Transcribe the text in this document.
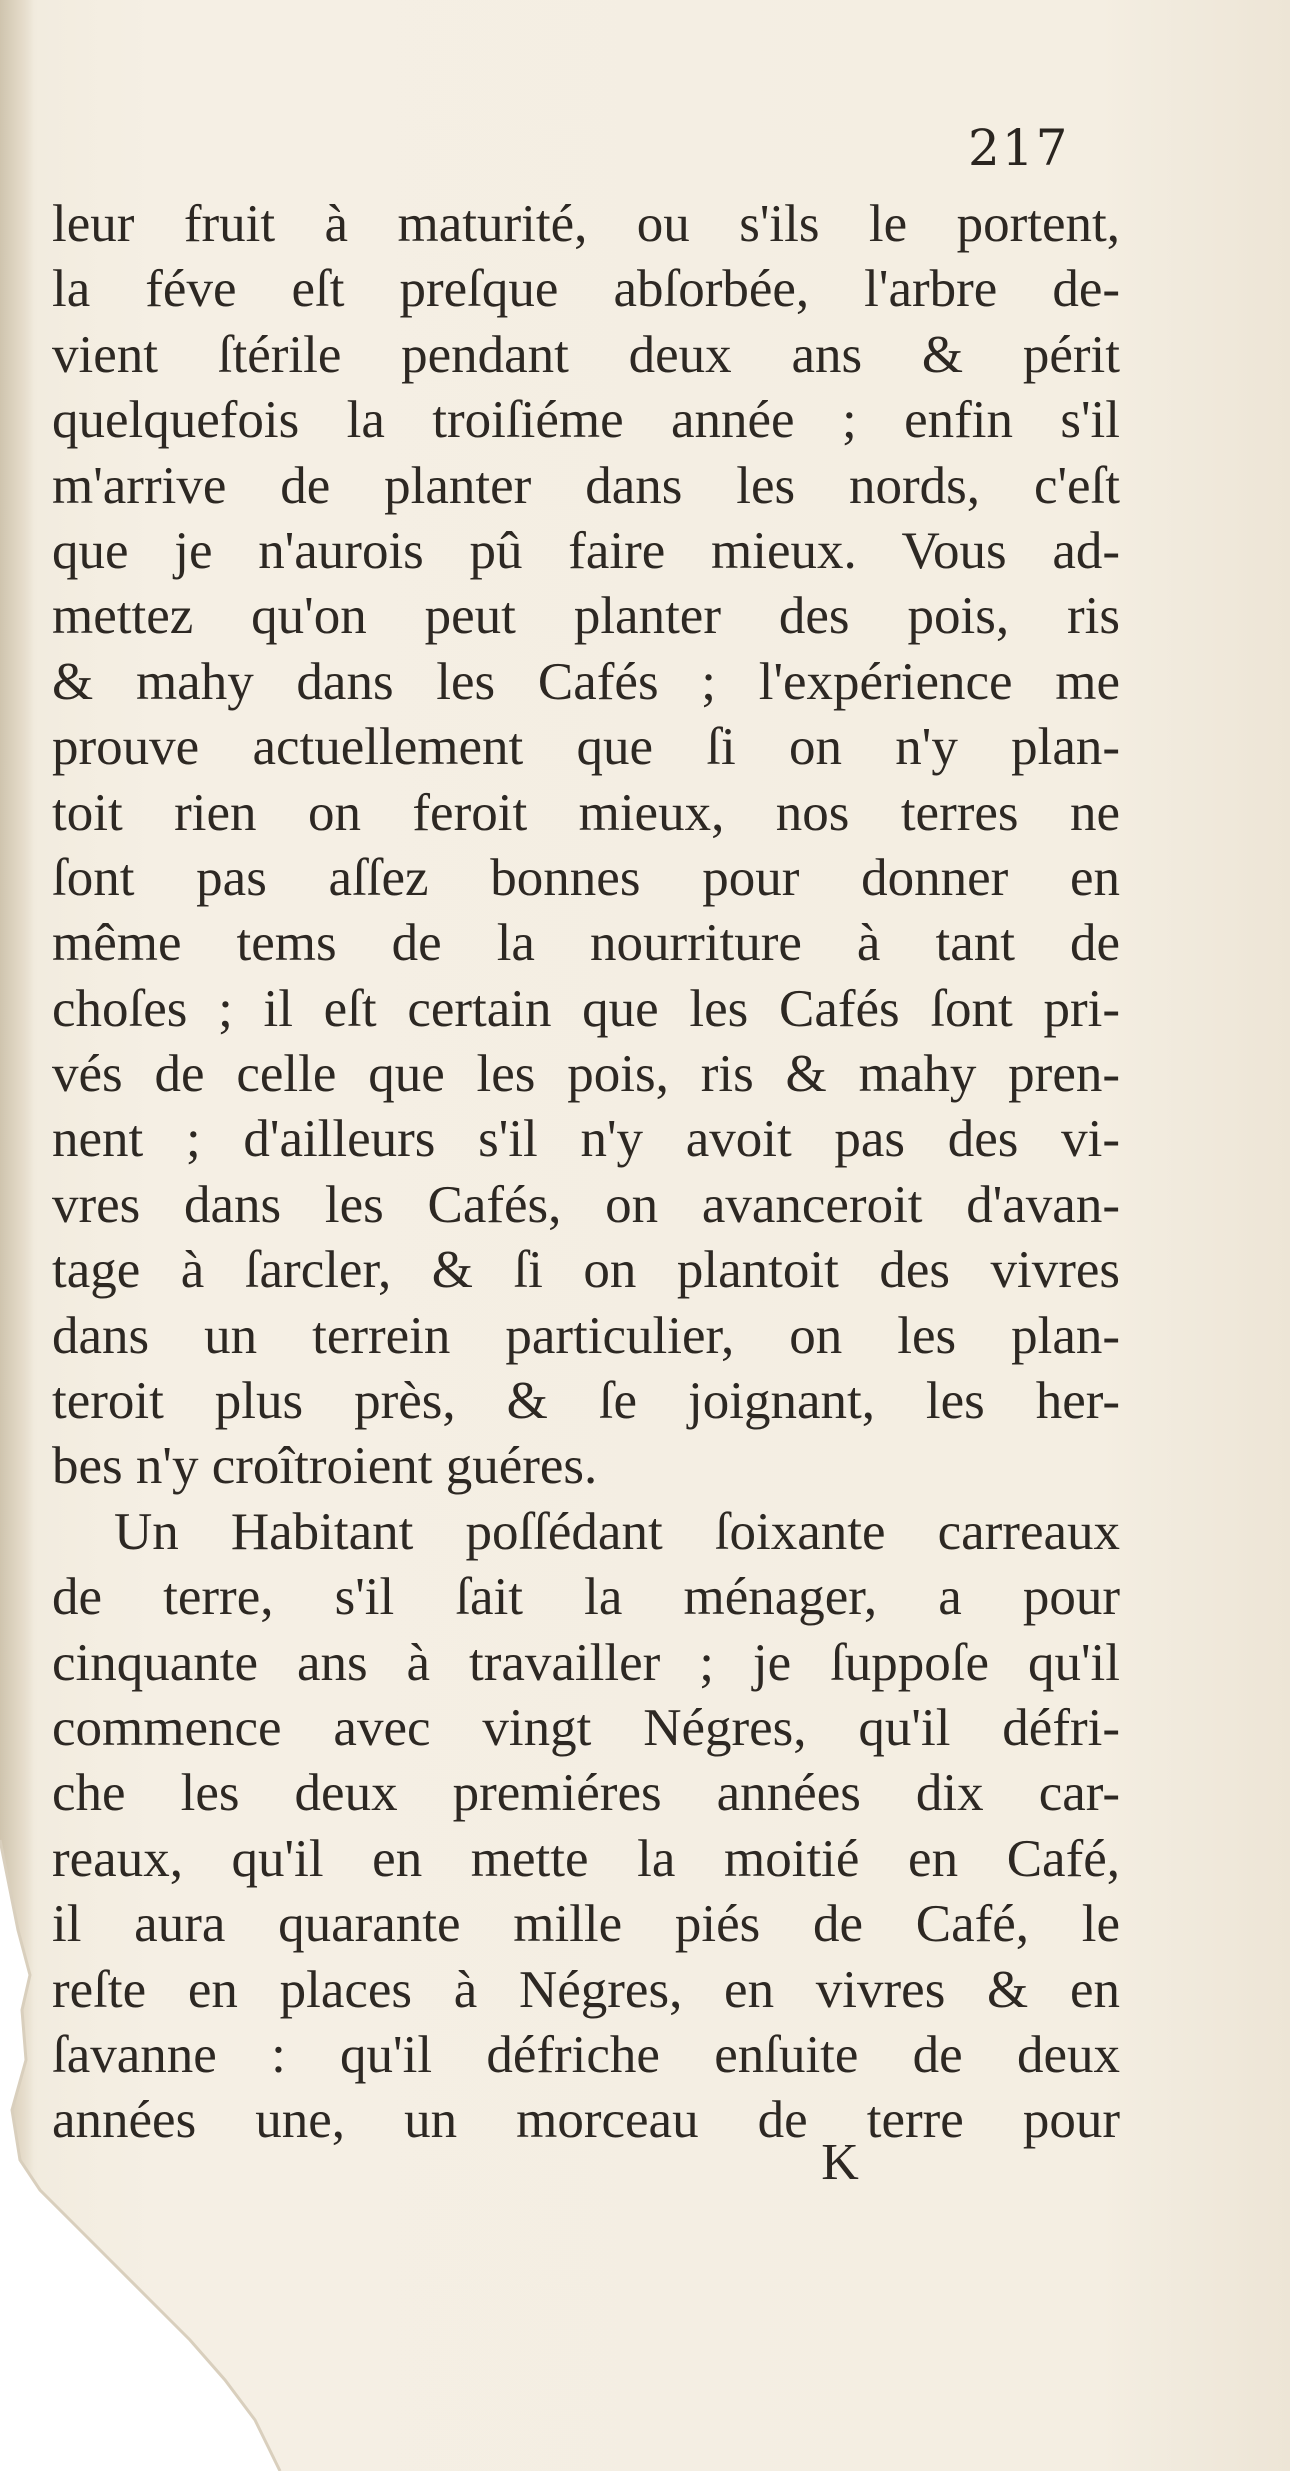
217
leur fruit à maturité, ou s'ils le portent,
la féve eſt preſque abſorbée, l'arbre de-
vient ſtérile pendant deux ans & périt
quelquefois la troiſiéme année ; enfin s'il
m'arrive de planter dans les nords, c'eſt
que je n'aurois pû faire mieux. Vous ad-
mettez qu'on peut planter des pois, ris
& mahy dans les Cafés ; l'expérience me
prouve actuellement que ſi on n'y plan-
toit rien on feroit mieux, nos terres ne
ſont pas aſſez bonnes pour donner en
même tems de la nourriture à tant de
choſes ; il eſt certain que les Cafés ſont pri-
vés de celle que les pois, ris & mahy pren-
nent ; d'ailleurs s'il n'y avoit pas des vi-
vres dans les Cafés, on avanceroit d'avan-
tage à ſarcler, & ſi on plantoit des vivres
dans un terrein particulier, on les plan-
teroit plus près, & ſe joignant, les her-
bes n'y croîtroient guéres.
Un Habitant poſſédant ſoixante carreaux
de terre, s'il ſait la ménager, a pour
cinquante ans à travailler ; je ſuppoſe qu'il
commence avec vingt Négres, qu'il défri-
che les deux premiéres années dix car-
reaux, qu'il en mette la moitié en Café,
il aura quarante mille piés de Café, le
reſte en places à Négres, en vivres & en
ſavanne : qu'il défriche enſuite de deux
années une, un morceau de terre pour
K
